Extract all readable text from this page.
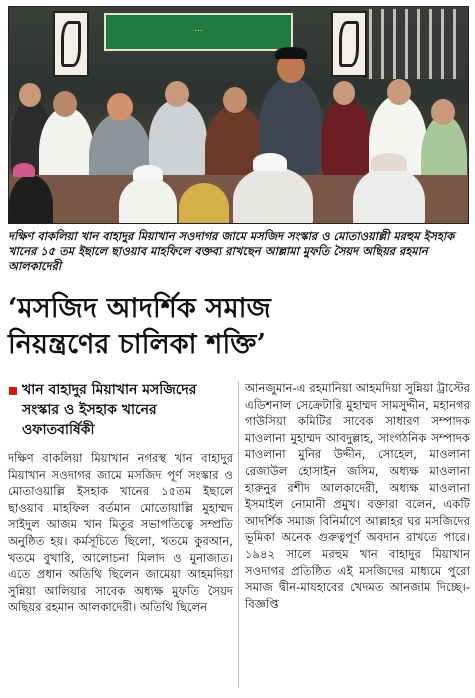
...
দক্ষিণ বাকলিয়া খান বাহাদুর মিয়াখান সওদাগর জামে মসজিদ সংস্কার ও মোতাওয়াল্লী মরহুম ইসহাক খানের ১৫ তম ইছালে ছাওয়াব মাহফিলে বক্তব্য রাখছেন আল্লামা মুফতি সৈয়দ অছিয়র রহমান আলকাদেরী
‘মসজিদ আদর্শিক সমাজ
নিয়ন্ত্রণের চালিকা শক্তি’
খান বাহাদুর মিয়াখান মসজিদের সংস্কার ও ইসহাক খানের ওফাতবার্ষিকী

দক্ষিণ বাকলিয়া মিয়াখান নগরস্থ খান বাহাদুর মিয়াখান সওদাগর জামে মসজিদ পূর্ণ সংস্কার ও মোতাওয়াল্লি ইসহাক খানের ১৫তম ইছালে ছাওয়াব মাহফিল বর্তমান মোতোয়াল্লি মুহাম্মদ সাইদুল আজম খান মিতুর সভাপতিত্বে সম্প্রতি অনুষ্ঠিত হয়। কর্মসূচিতে ছিলো, খতমে কুরআন, খতমে বুখারি, আলোচনা মিলাদ ও মুনাজাত। এতে প্রধান অতিথি ছিলেন জামেয়া আহমদিয়া সুন্নিয়া আলিয়ার সাবেক অধ্যক্ষ মুফতি সৈয়দ অছিয়র রহমান আলকাদেরী। অতিথি ছিলেন

আনজুমান-এ রহমানিয়া আহমদিয়া সুন্নিয়া ট্রাস্টের এডিশনাল সেক্রেটারি মুহাম্মদ সামসুদ্দীন, মহানগর গাউসিয়া কমিটির সাবেক সাধারণ সম্পাদক মাওলানা মুহাম্মদ আবদুল্লাহ, সাংগঠনিক সম্পাদক মাওলানা মুনির উদ্দীন, সোহেল, মাওলানা রেজাউল হোসাইন জসিম, অধ্যক্ষ মাওলানা হারুনুর রশীদ আলকাদেরী, অধ্যক্ষ মাওলানা ইসমাইল নোমানী প্রমুখ। বক্তারা বলেন, একটি আদর্শিক সমাজ বিনির্মাণে আল্লাহর ঘর মসজিদের ভূমিকা অনেক গুরুত্বপূর্ণ অবদান রাখতে পারে। ১৯৪২ সালে মরহুম খান বাহাদুর মিয়াখান সওদাগর প্রতিষ্ঠিত এই মসজিদের মাধ্যমে পুরো সমাজ দ্বীন-মাযহাবের খেদমত আনজাম দিচ্ছে।-বিজ্ঞপ্তি
